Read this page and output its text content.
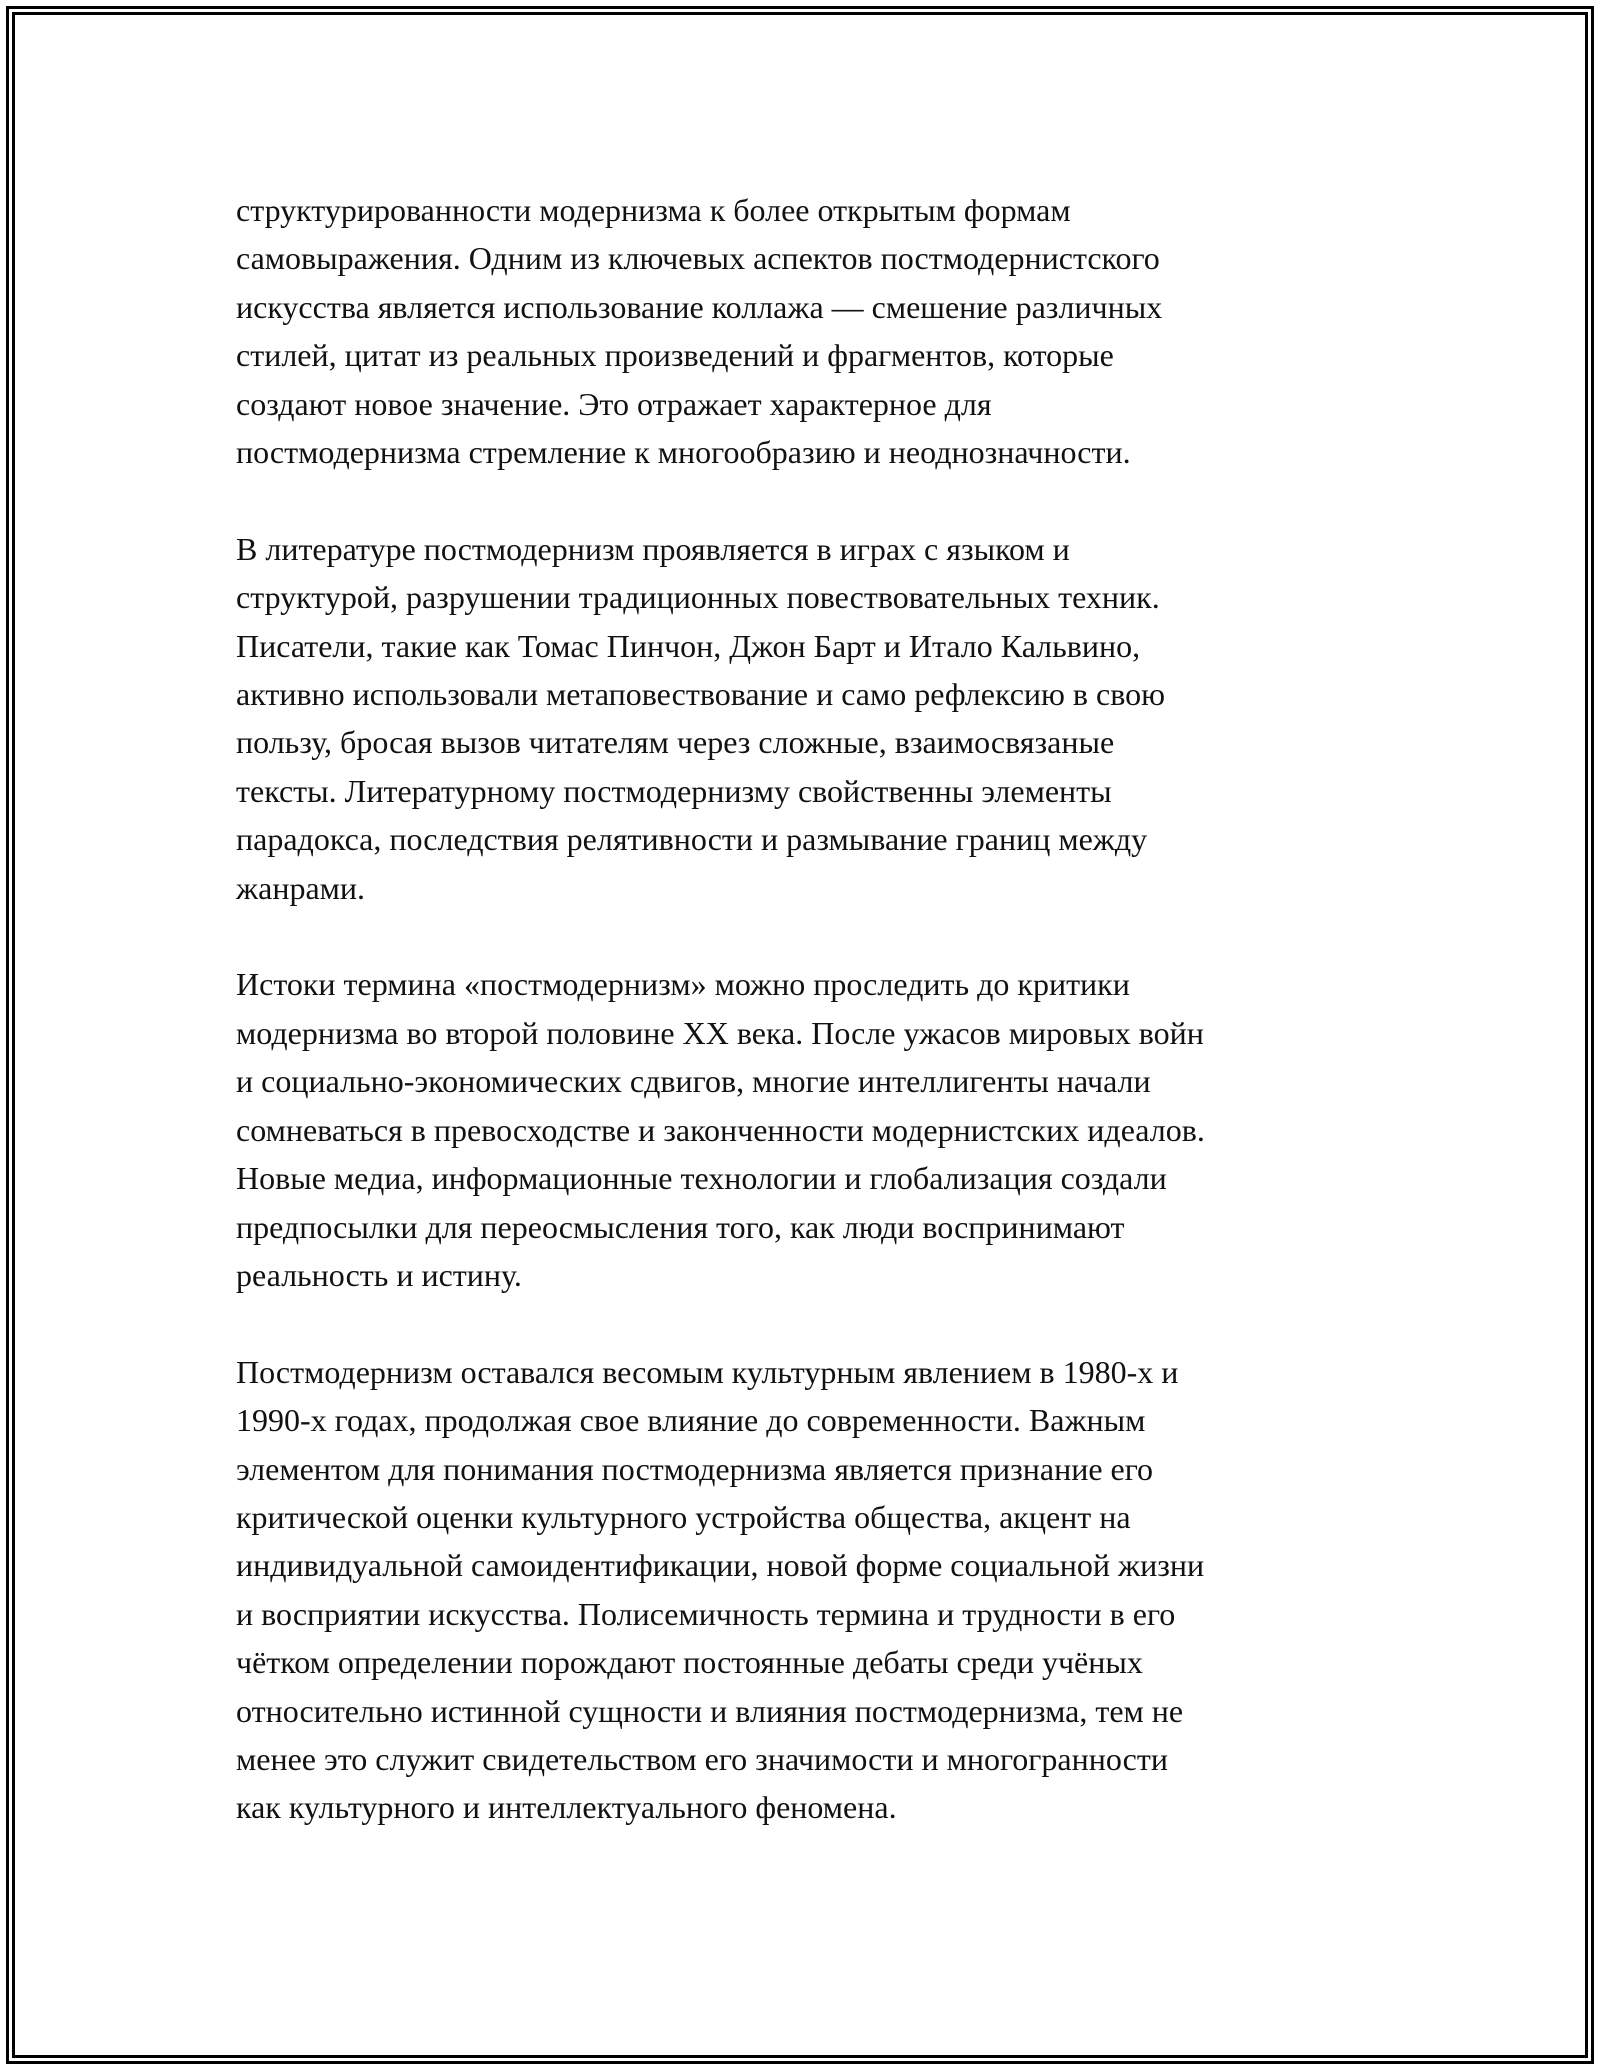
структурированности модернизма к более открытым формам
самовыражения. Одним из ключевых аспектов постмодернистского
искусства является использование коллажа — смешение различных
стилей, цитат из реальных произведений и фрагментов, которые
создают новое значение. Это отражает характерное для
постмодернизма стремление к многообразию и неоднозначности.

В литературе постмодернизм проявляется в играх с языком и
структурой, разрушении традиционных повествовательных техник.
Писатели, такие как Томас Пинчон, Джон Барт и Итало Кальвино,
активно использовали метаповествование и само рефлексию в свою
пользу, бросая вызов читателям через сложные, взаимосвязаные
тексты. Литературному постмодернизму свойственны элементы
парадокса, последствия релятивности и размывание границ между
жанрами.

Истоки термина «постмодернизм» можно проследить до критики
модернизма во второй половине XX века. После ужасов мировых войн
и социально-экономических сдвигов, многие интеллигенты начали
сомневаться в превосходстве и законченности модернистских идеалов.
Новые медиа, информационные технологии и глобализация создали
предпосылки для переосмысления того, как люди воспринимают
реальность и истину.

Постмодернизм оставался весомым культурным явлением в 1980-х и
1990-х годах, продолжая свое влияние до современности. Важным
элементом для понимания постмодернизма является признание его
критической оценки культурного устройства общества, акцент на
индивидуальной самоидентификации, новой форме социальной жизни
и восприятии искусства. Полисемичность термина и трудности в его
чётком определении порождают постоянные дебаты среди учёных
относительно истинной сущности и влияния постмодернизма, тем не
менее это служит свидетельством его значимости и многогранности
как культурного и интеллектуального феномена.
